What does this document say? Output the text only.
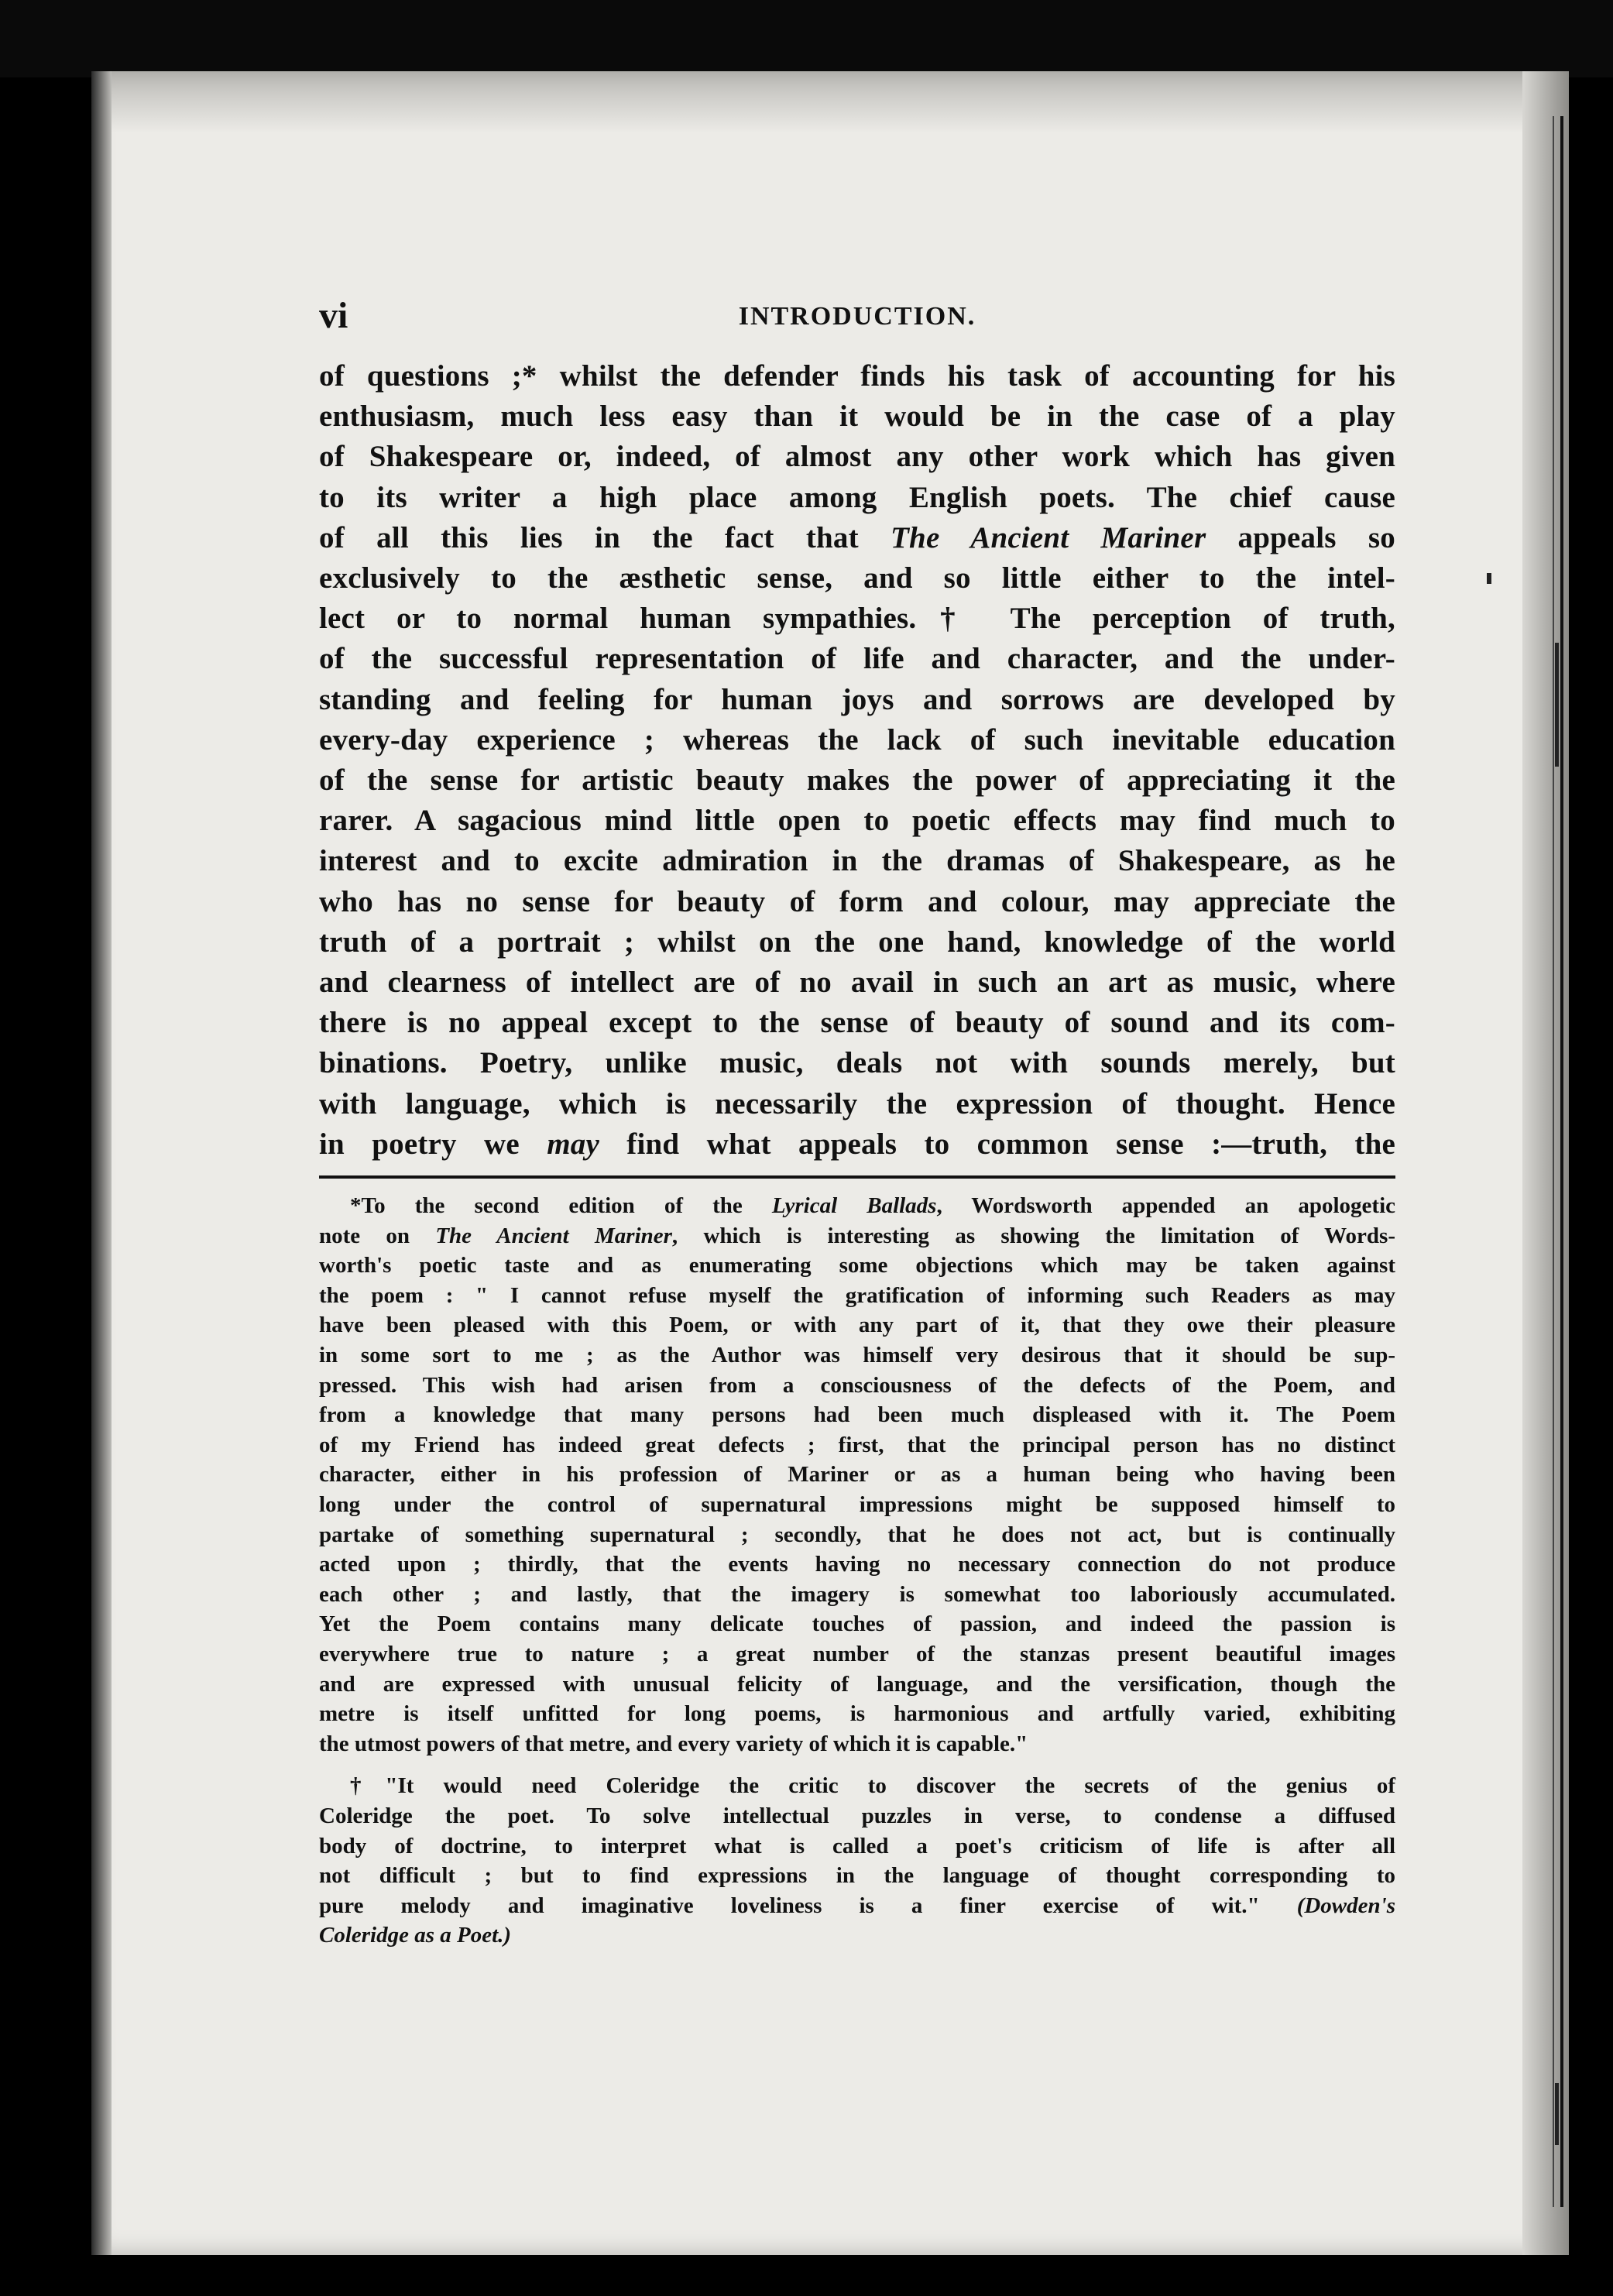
vi	INTRODUCTION.
of questions ;* whilst the defender finds his task of accounting for his
enthusiasm, much less easy than it would be in the case of a play
of Shakespeare or, indeed, of almost any other work which has given
to its writer a high place among English poets. The chief cause
of all this lies in the fact that The Ancient Mariner appeals so
exclusively to the æsthetic sense, and so little either to the intel-
lect or to normal human sympathies.† The perception of truth,
of the successful representation of life and character, and the under-
standing and feeling for human joys and sorrows are developed by
every-day experience ; whereas the lack of such inevitable education
of the sense for artistic beauty makes the power of appreciating it the
rarer. A sagacious mind little open to poetic effects may find much to
interest and to excite admiration in the dramas of Shakespeare, as he
who has no sense for beauty of form and colour, may appreciate the
truth of a portrait ; whilst on the one hand, knowledge of the world
and clearness of intellect are of no avail in such an art as music, where
there is no appeal except to the sense of beauty of sound and its com-
binations. Poetry, unlike music, deals not with sounds merely, but
with language, which is necessarily the expression of thought. Hence
in poetry we may find what appeals to common sense :—truth, the
*To the second edition of the Lyrical Ballads, Wordsworth appended an apologetic
note on The Ancient Mariner, which is interesting as showing the limitation of Words-
worth's poetic taste and as enumerating some objections which may be taken against
the poem : " I cannot refuse myself the gratification of informing such Readers as may
have been pleased with this Poem, or with any part of it, that they owe their pleasure
in some sort to me ; as the Author was himself very desirous that it should be sup-
pressed. This wish had arisen from a consciousness of the defects of the Poem, and
from a knowledge that many persons had been much displeased with it. The Poem
of my Friend has indeed great defects ; first, that the principal person has no distinct
character, either in his profession of Mariner or as a human being who having been
long under the control of supernatural impressions might be supposed himself to
partake of something supernatural ; secondly, that he does not act, but is continually
acted upon ; thirdly, that the events having no necessary connection do not produce
each other ; and lastly, that the imagery is somewhat too laboriously accumulated.
Yet the Poem contains many delicate touches of passion, and indeed the passion is
everywhere true to nature ; a great number of the stanzas present beautiful images
and are expressed with unusual felicity of language, and the versification, though the
metre is itself unfitted for long poems, is harmonious and artfully varied, exhibiting
the utmost powers of that metre, and every variety of which it is capable."
†"It would need Coleridge the critic to discover the secrets of the genius of
Coleridge the poet. To solve intellectual puzzles in verse, to condense a diffused
body of doctrine, to interpret what is called a poet's criticism of life is after all
not difficult ; but to find expressions in the language of thought corresponding to
pure melody and imaginative loveliness is a finer exercise of wit." (Dowden's
Coleridge as a Poet.)
